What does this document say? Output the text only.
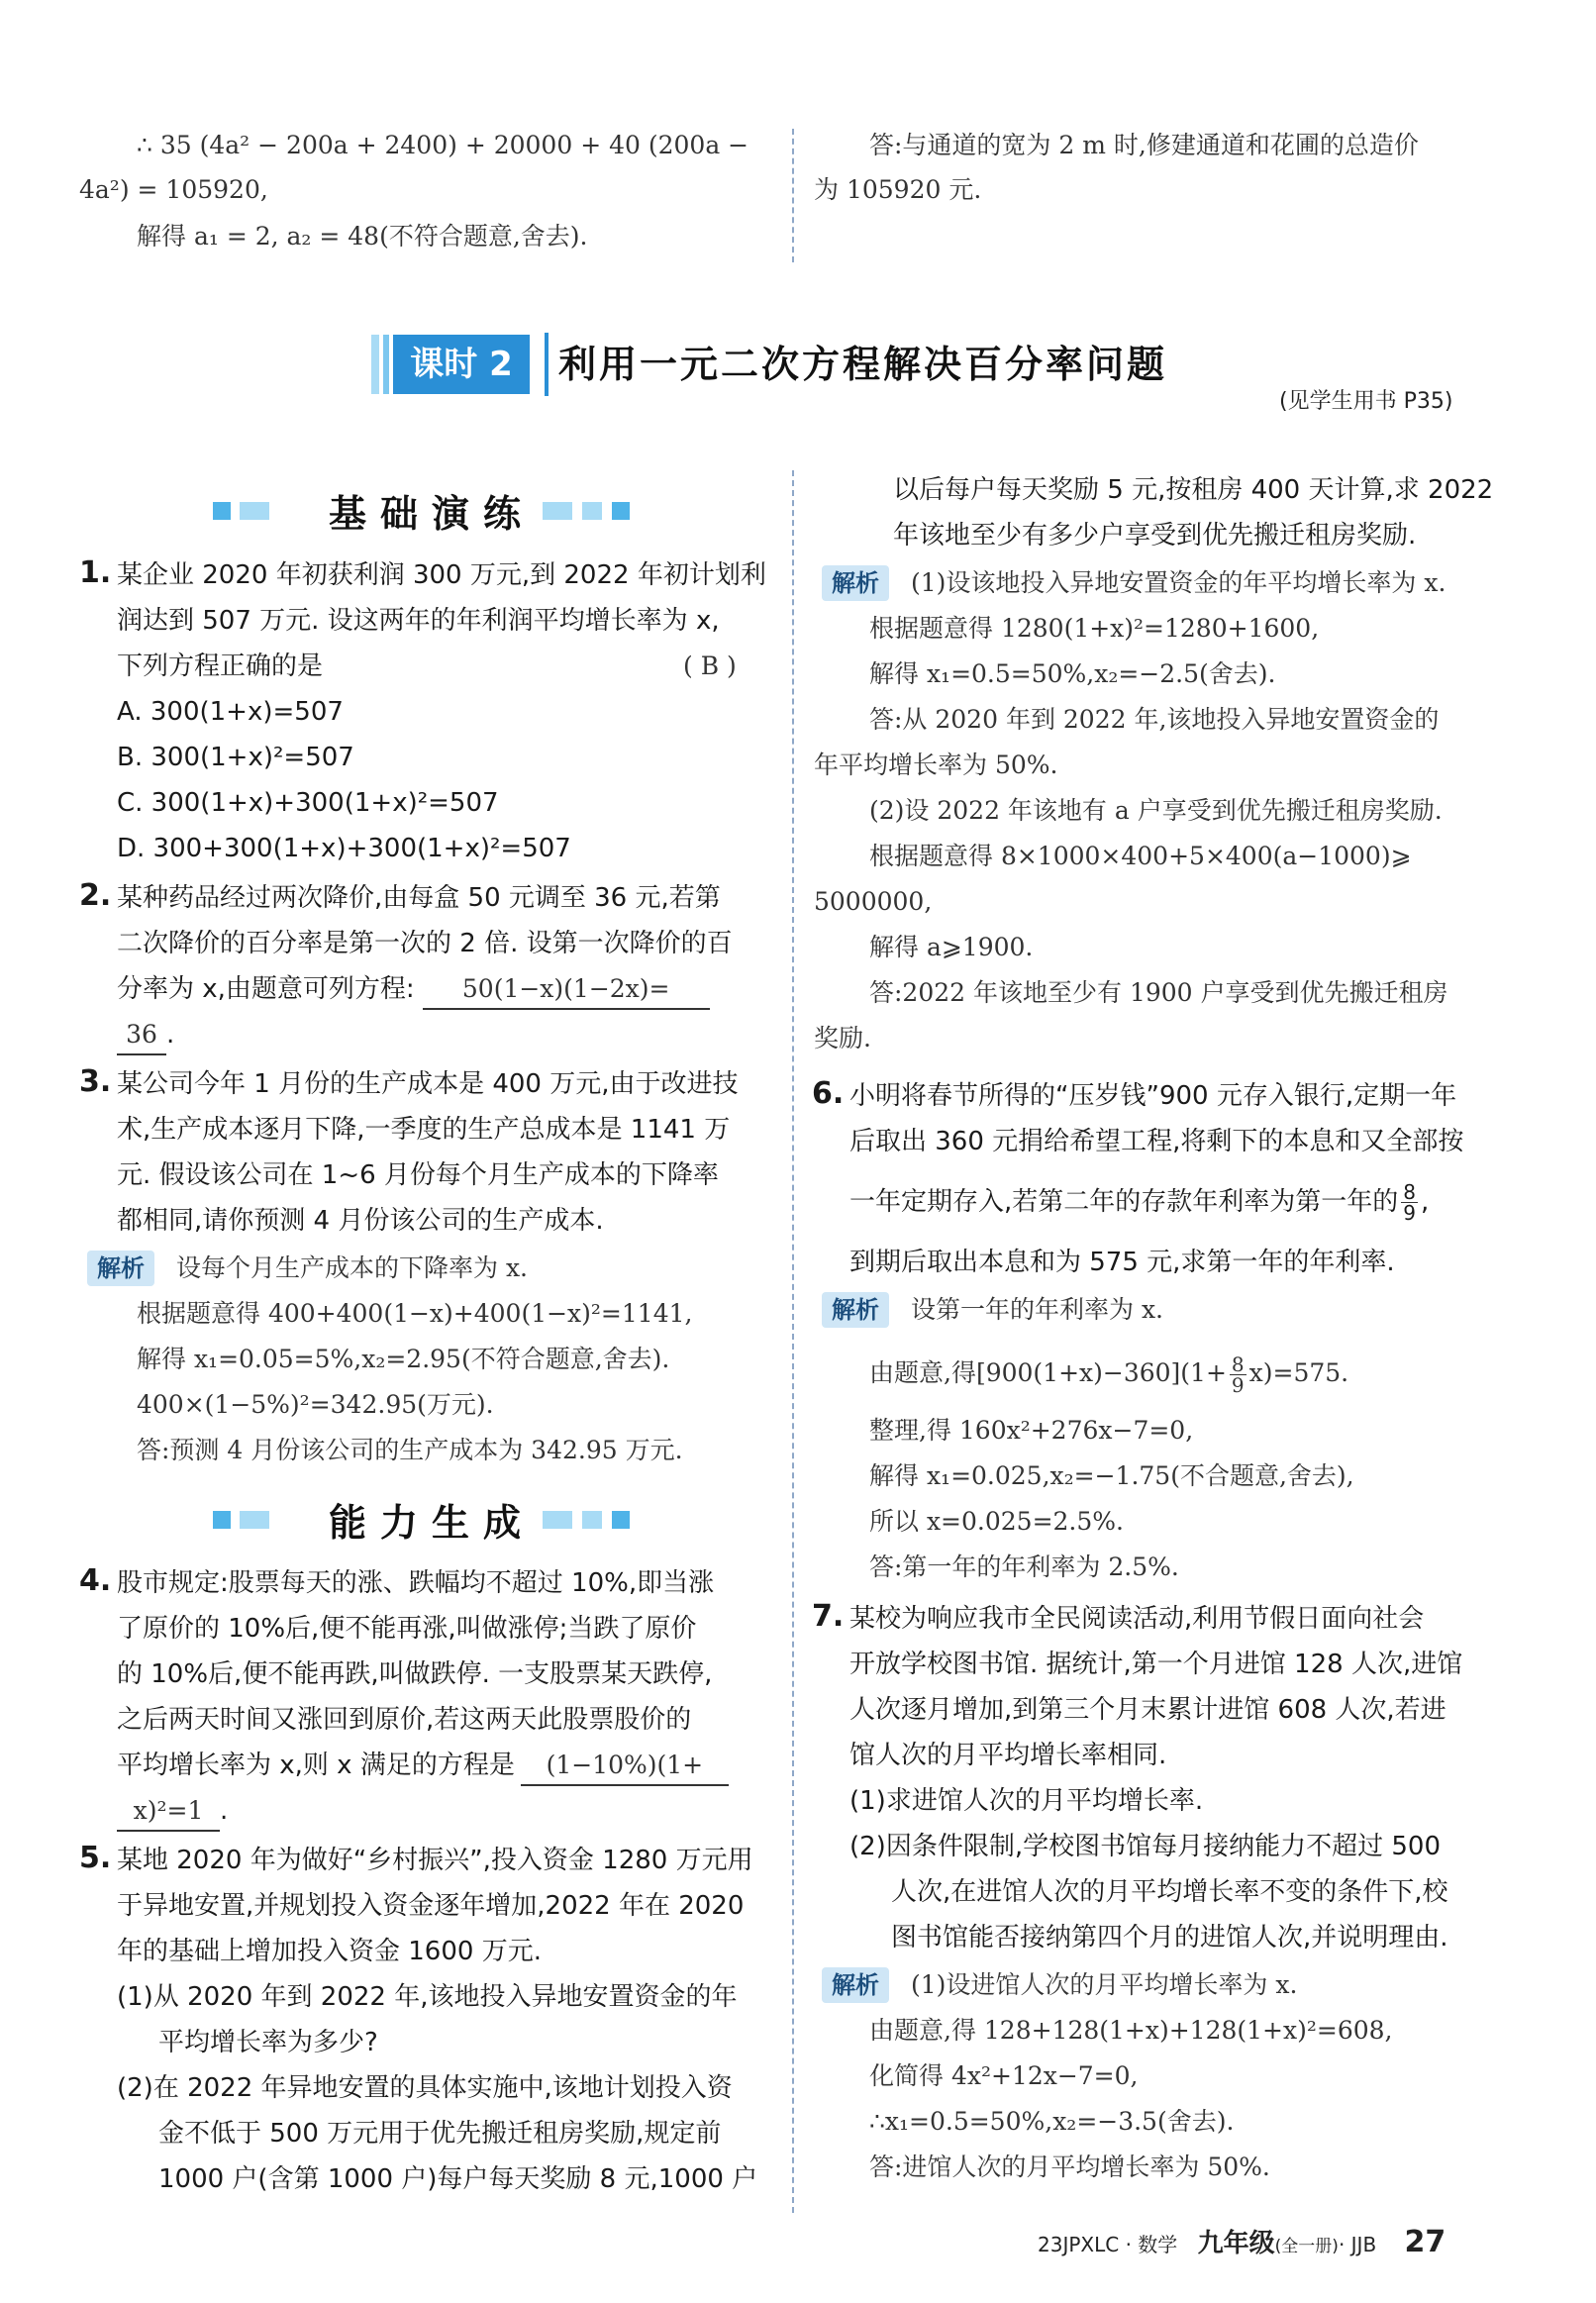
∴ 35 (4a² − 200a + 2400) + 20000 + 40 (200a −
4a²) = 105920,
解得 a₁ = 2, a₂ = 48(不符合题意,舍去).
答:与通道的宽为 2 m 时,修建通道和花圃的总造价
为 105920 元.
课时 2	利用一元二次方程解决百分率问题
(见学生用书 P35)
基础演练
1. 某企业 2020 年初获利润 300 万元,到 2022 年初计划利
润达到 507 万元. 设这两年的年利润平均增长率为 x,
下列方程正确的是	( B )
A. 300(1+x)=507
B. 300(1+x)²=507
C. 300(1+x)+300(1+x)²=507
D. 300+300(1+x)+300(1+x)²=507
2. 某种药品经过两次降价,由每盒 50 元调至 36 元,若第
二次降价的百分率是第一次的 2 倍. 设第一次降价的百
分率为 x,由题意可列方程: 50(1−x)(1−2x)=
36 .
3. 某公司今年 1 月份的生产成本是 400 万元,由于改进技
术,生产成本逐月下降,一季度的生产总成本是 1141 万
元. 假设该公司在 1~6 月份每个月生产成本的下降率
都相同,请你预测 4 月份该公司的生产成本.
解析	设每个月生产成本的下降率为 x.
根据题意得 400+400(1−x)+400(1−x)²=1141,
解得 x₁=0.05=5%,x₂=2.95(不符合题意,舍去).
400×(1−5%)²=342.95(万元).
答:预测 4 月份该公司的生产成本为 342.95 万元.
能力生成
4. 股市规定:股票每天的涨、跌幅均不超过 10%,即当涨
了原价的 10%后,便不能再涨,叫做涨停;当跌了原价
的 10%后,便不能再跌,叫做跌停. 一支股票某天跌停,
之后两天时间又涨回到原价,若这两天此股票股价的
平均增长率为 x,则 x 满足的方程是 (1−10%)(1+
x)²=1 .
5. 某地 2020 年为做好“乡村振兴”,投入资金 1280 万元用
于异地安置,并规划投入资金逐年增加,2022 年在 2020
年的基础上增加投入资金 1600 万元.
(1)从 2020 年到 2022 年,该地投入异地安置资金的年
平均增长率为多少?
(2)在 2022 年异地安置的具体实施中,该地计划投入资
金不低于 500 万元用于优先搬迁租房奖励,规定前
1000 户(含第 1000 户)每户每天奖励 8 元,1000 户
以后每户每天奖励 5 元,按租房 400 天计算,求 2022
年该地至少有多少户享受到优先搬迁租房奖励.
解析	(1)设该地投入异地安置资金的年平均增长率为 x.
根据题意得 1280(1+x)²=1280+1600,
解得 x₁=0.5=50%,x₂=−2.5(舍去).
答:从 2020 年到 2022 年,该地投入异地安置资金的
年平均增长率为 50%.
(2)设 2022 年该地有 a 户享受到优先搬迁租房奖励.
根据题意得 8×1000×400+5×400(a−1000)⩾
5000000,
解得 a⩾1900.
答:2022 年该地至少有 1900 户享受到优先搬迁租房
奖励.
6. 小明将春节所得的“压岁钱”900 元存入银行,定期一年
后取出 360 元捐给希望工程,将剩下的本息和又全部按
一年定期存入,若第二年的存款年利率为第一年的 $\frac{8}{9}$ ,
到期后取出本息和为 575 元,求第一年的年利率.
解析	设第一年的年利率为 x.
由题意,得$[900(1+x)-360](1+ \frac{8}{9} x)=575$.
整理,得 160x²+276x−7=0,
解得 x₁=0.025,x₂=−1.75(不合题意,舍去),
所以 x=0.025=2.5%.
答:第一年的年利率为 2.5%.
7. 某校为响应我市全民阅读活动,利用节假日面向社会
开放学校图书馆. 据统计,第一个月进馆 128 人次,进馆
人次逐月增加,到第三个月末累计进馆 608 人次,若进
馆人次的月平均增长率相同.
(1)求进馆人次的月平均增长率.
(2)因条件限制,学校图书馆每月接纳能力不超过 500
人次,在进馆人次的月平均增长率不变的条件下,校
图书馆能否接纳第四个月的进馆人次,并说明理由.
解析	(1)设进馆人次的月平均增长率为 x.
由题意,得 128+128(1+x)+128(1+x)²=608,
化简得 4x²+12x−7=0,
∴x₁=0.5=50%,x₂=−3.5(舍去).
答:进馆人次的月平均增长率为 50%.
23JPXLC · 数学 九年级(全一册)· JJB 27
